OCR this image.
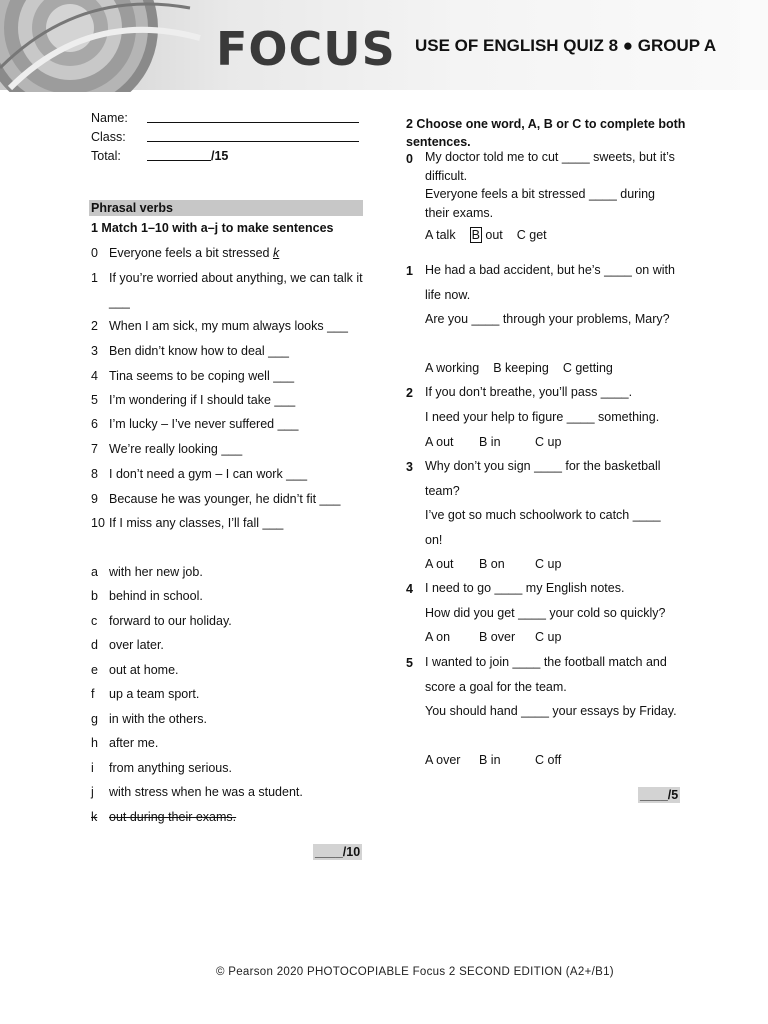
FOCUS USE OF ENGLISH QUIZ 8 ● GROUP A
Name:
Class:
Total:	/15
Phrasal verbs
1 Match 1–10 with a–j to make sentences
0 Everyone feels a bit stressed k
1 If you’re worried about anything, we can talk it ___
2 When I am sick, my mum always looks ___
3 Ben didn’t know how to deal ___
4 Tina seems to be coping well ___
5 I’m wondering if I should take ___
6 I’m lucky – I’ve never suffered ___
7 We’re really looking ___
8 I don’t need a gym – I can work ___
9 Because he was younger, he didn’t fit ___
10 If I miss any classes, I’ll fall ___
a with her new job.
b behind in school.
c forward to our holiday.
d over later.
e out at home.
f	up a team sport.
g in with the others.
h after me.
i	from anything serious.
j	with stress when he was a student.
k out during their exams.
____/10
2 Choose one word, A, B or C to complete both sentences.
0 My doctor told me to cut ____ sweets, but it’s difficult.
Everyone feels a bit stressed ____ during their exams.
A talk B out C get
1 He had a bad accident, but he’s ____ on with life now.
Are you ____ through your problems, Mary?
A working B keeping C getting
2 If you don’t breathe, you’ll pass ____.
I need your help to figure ____ something.
A out	B in	C up
3 Why don’t you sign ____ for the basketball team?
I’ve got so much schoolwork to catch ____ on!
A out	B on	C up
4 I need to go ____ my English notes.
How did you get ____ your cold so quickly?
A on	B over	C up
5 I wanted to join ____ the football match and score a goal for the team.
You should hand ____ your essays by Friday.
A over	B in	C off
____/5
© Pearson 2020 PHOTOCOPIABLE Focus 2 SECOND EDITION (A2+/B1)
